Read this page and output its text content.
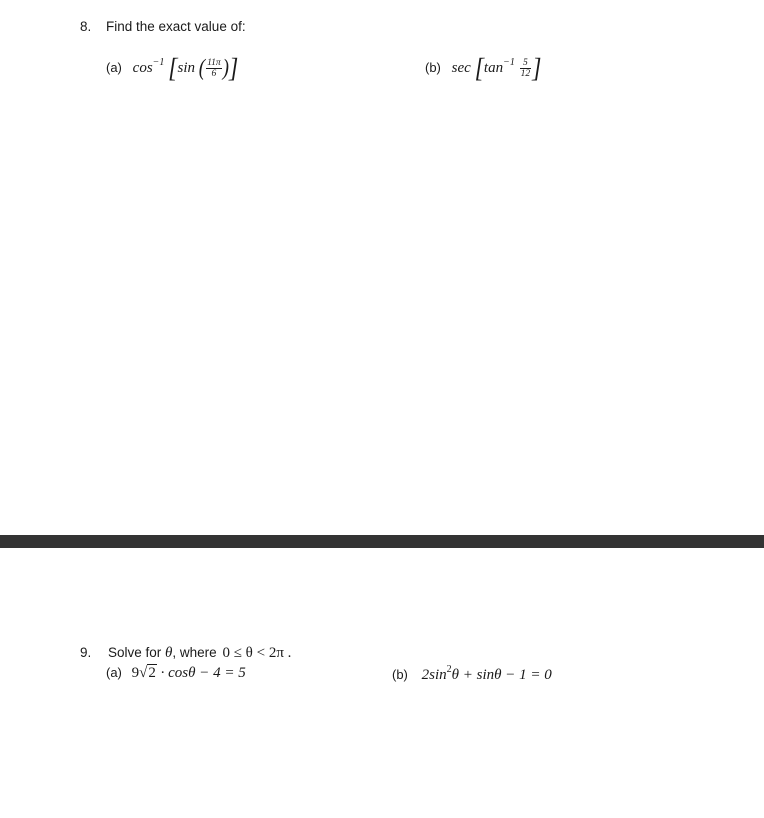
8. Find the exact value of:
(a) $\cos^{-1} [\sin$ ( $\frac{11\pi}{6}$ )]	(b) $\sec [\tan^{-1} \frac{5}{12}$ ]
9. Solve for θ, where 0 ≤ θ < 2π .
(a) 9√2 · cosθ − 4 = 5	(b) $2\sin^2\theta + \sin\theta - 1 = 0$
